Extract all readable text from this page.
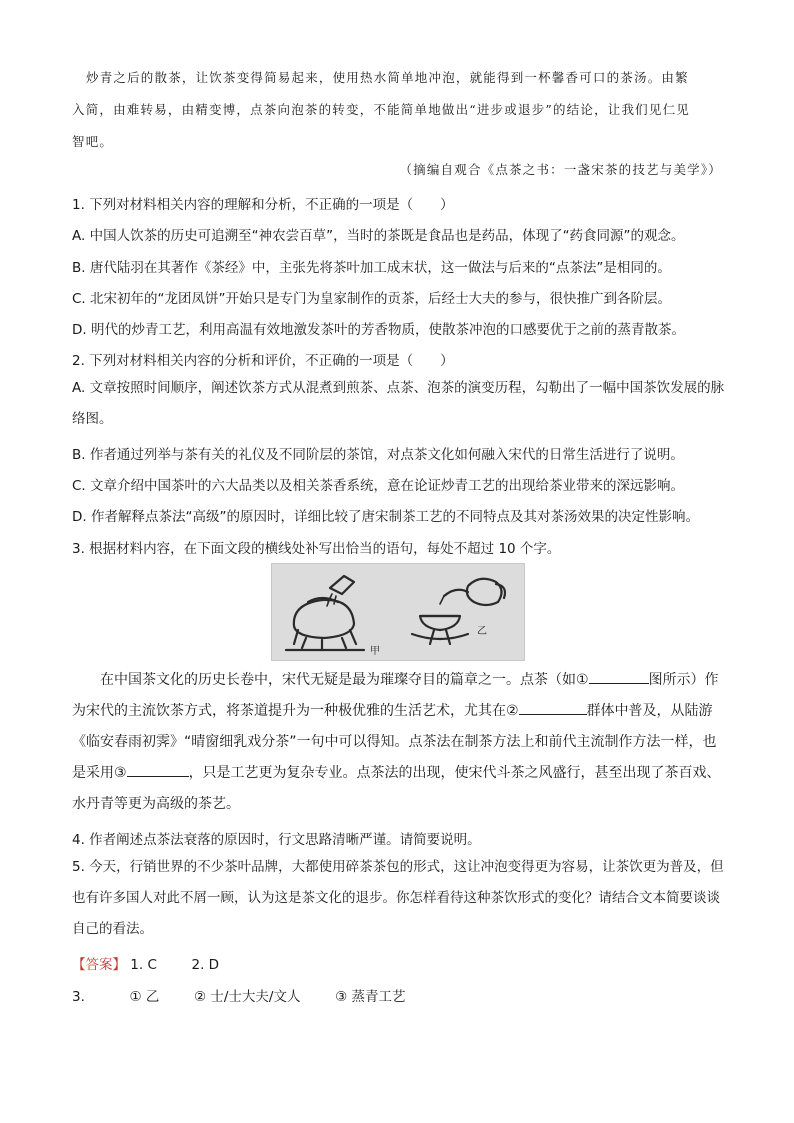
炒青之后的散茶，让饮茶变得简易起来，使用热水简单地冲泡，就能得到一杯馨香可口的茶汤。由繁
入简，由难转易，由精变博，点茶向泡茶的转变，不能简单地做出“进步或退步”的结论，让我们见仁见
智吧。
（摘编自观合《点茶之书：一盏宋茶的技艺与美学》）
1. 下列对材料相关内容的理解和分析，不正确的一项是（　　）
A. 中国人饮茶的历史可追溯至“神农尝百草”，当时的茶既是食品也是药品，体现了“药食同源”的观念。
B. 唐代陆羽在其著作《茶经》中，主张先将茶叶加工成末状，这一做法与后来的“点茶法”是相同的。
C. 北宋初年的“龙团凤饼”开始只是专门为皇家制作的贡茶，后经士大夫的参与，很快推广到各阶层。
D. 明代的炒青工艺，利用高温有效地激发茶叶的芳香物质，使散茶冲泡的口感要优于之前的蒸青散茶。
2. 下列对材料相关内容的分析和评价，不正确的一项是（　　）
A. 文章按照时间顺序，阐述饮茶方式从混煮到煎茶、点茶、泡茶的演变历程，勾勒出了一幅中国茶饮发展的脉络图。
B. 作者通过列举与茶有关的礼仪及不同阶层的茶馆，对点茶文化如何融入宋代的日常生活进行了说明。
C. 文章介绍中国茶叶的六大品类以及相关茶香系统，意在论证炒青工艺的出现给茶业带来的深远影响。
D. 作者解释点茶法“高级”的原因时，详细比较了唐宋制茶工艺的不同特点及其对茶汤效果的决定性影响。
3. 根据材料内容，在下面文段的横线处补写出恰当的语句，每处不超过 10 个字。
甲
乙
在中国茶文化的历史长卷中，宋代无疑是最为璀璨夺目的篇章之一。点茶（如①	图所示）作为宋代的主流饮茶方式，将茶道提升为一种极优雅的生活艺术，尤其在②	群体中普及，从陆游《临安春雨初霁》“晴窗细乳戏分茶”一句中可以得知。点茶法在制茶方法上和前代主流制作方法一样，也是采用③	，只是工艺更为复杂专业。点茶法的出现，使宋代斗茶之风盛行，甚至出现了茶百戏、水丹青等更为高级的茶艺。
4. 作者阐述点茶法衰落的原因时，行文思路清晰严谨。请简要说明。
5. 今天，行销世界的不少茶叶品牌，大都使用碎茶茶包的形式，这让冲泡变得更为容易，让茶饮更为普及，但也有许多国人对此不屑一顾，认为这是茶文化的退步。你怎样看待这种茶饮形式的变化？请结合文本简要谈谈自己的看法。
【答案】 1. C	2. D
3.	① 乙	② 士/士大夫/文人	③ 蒸青工艺
